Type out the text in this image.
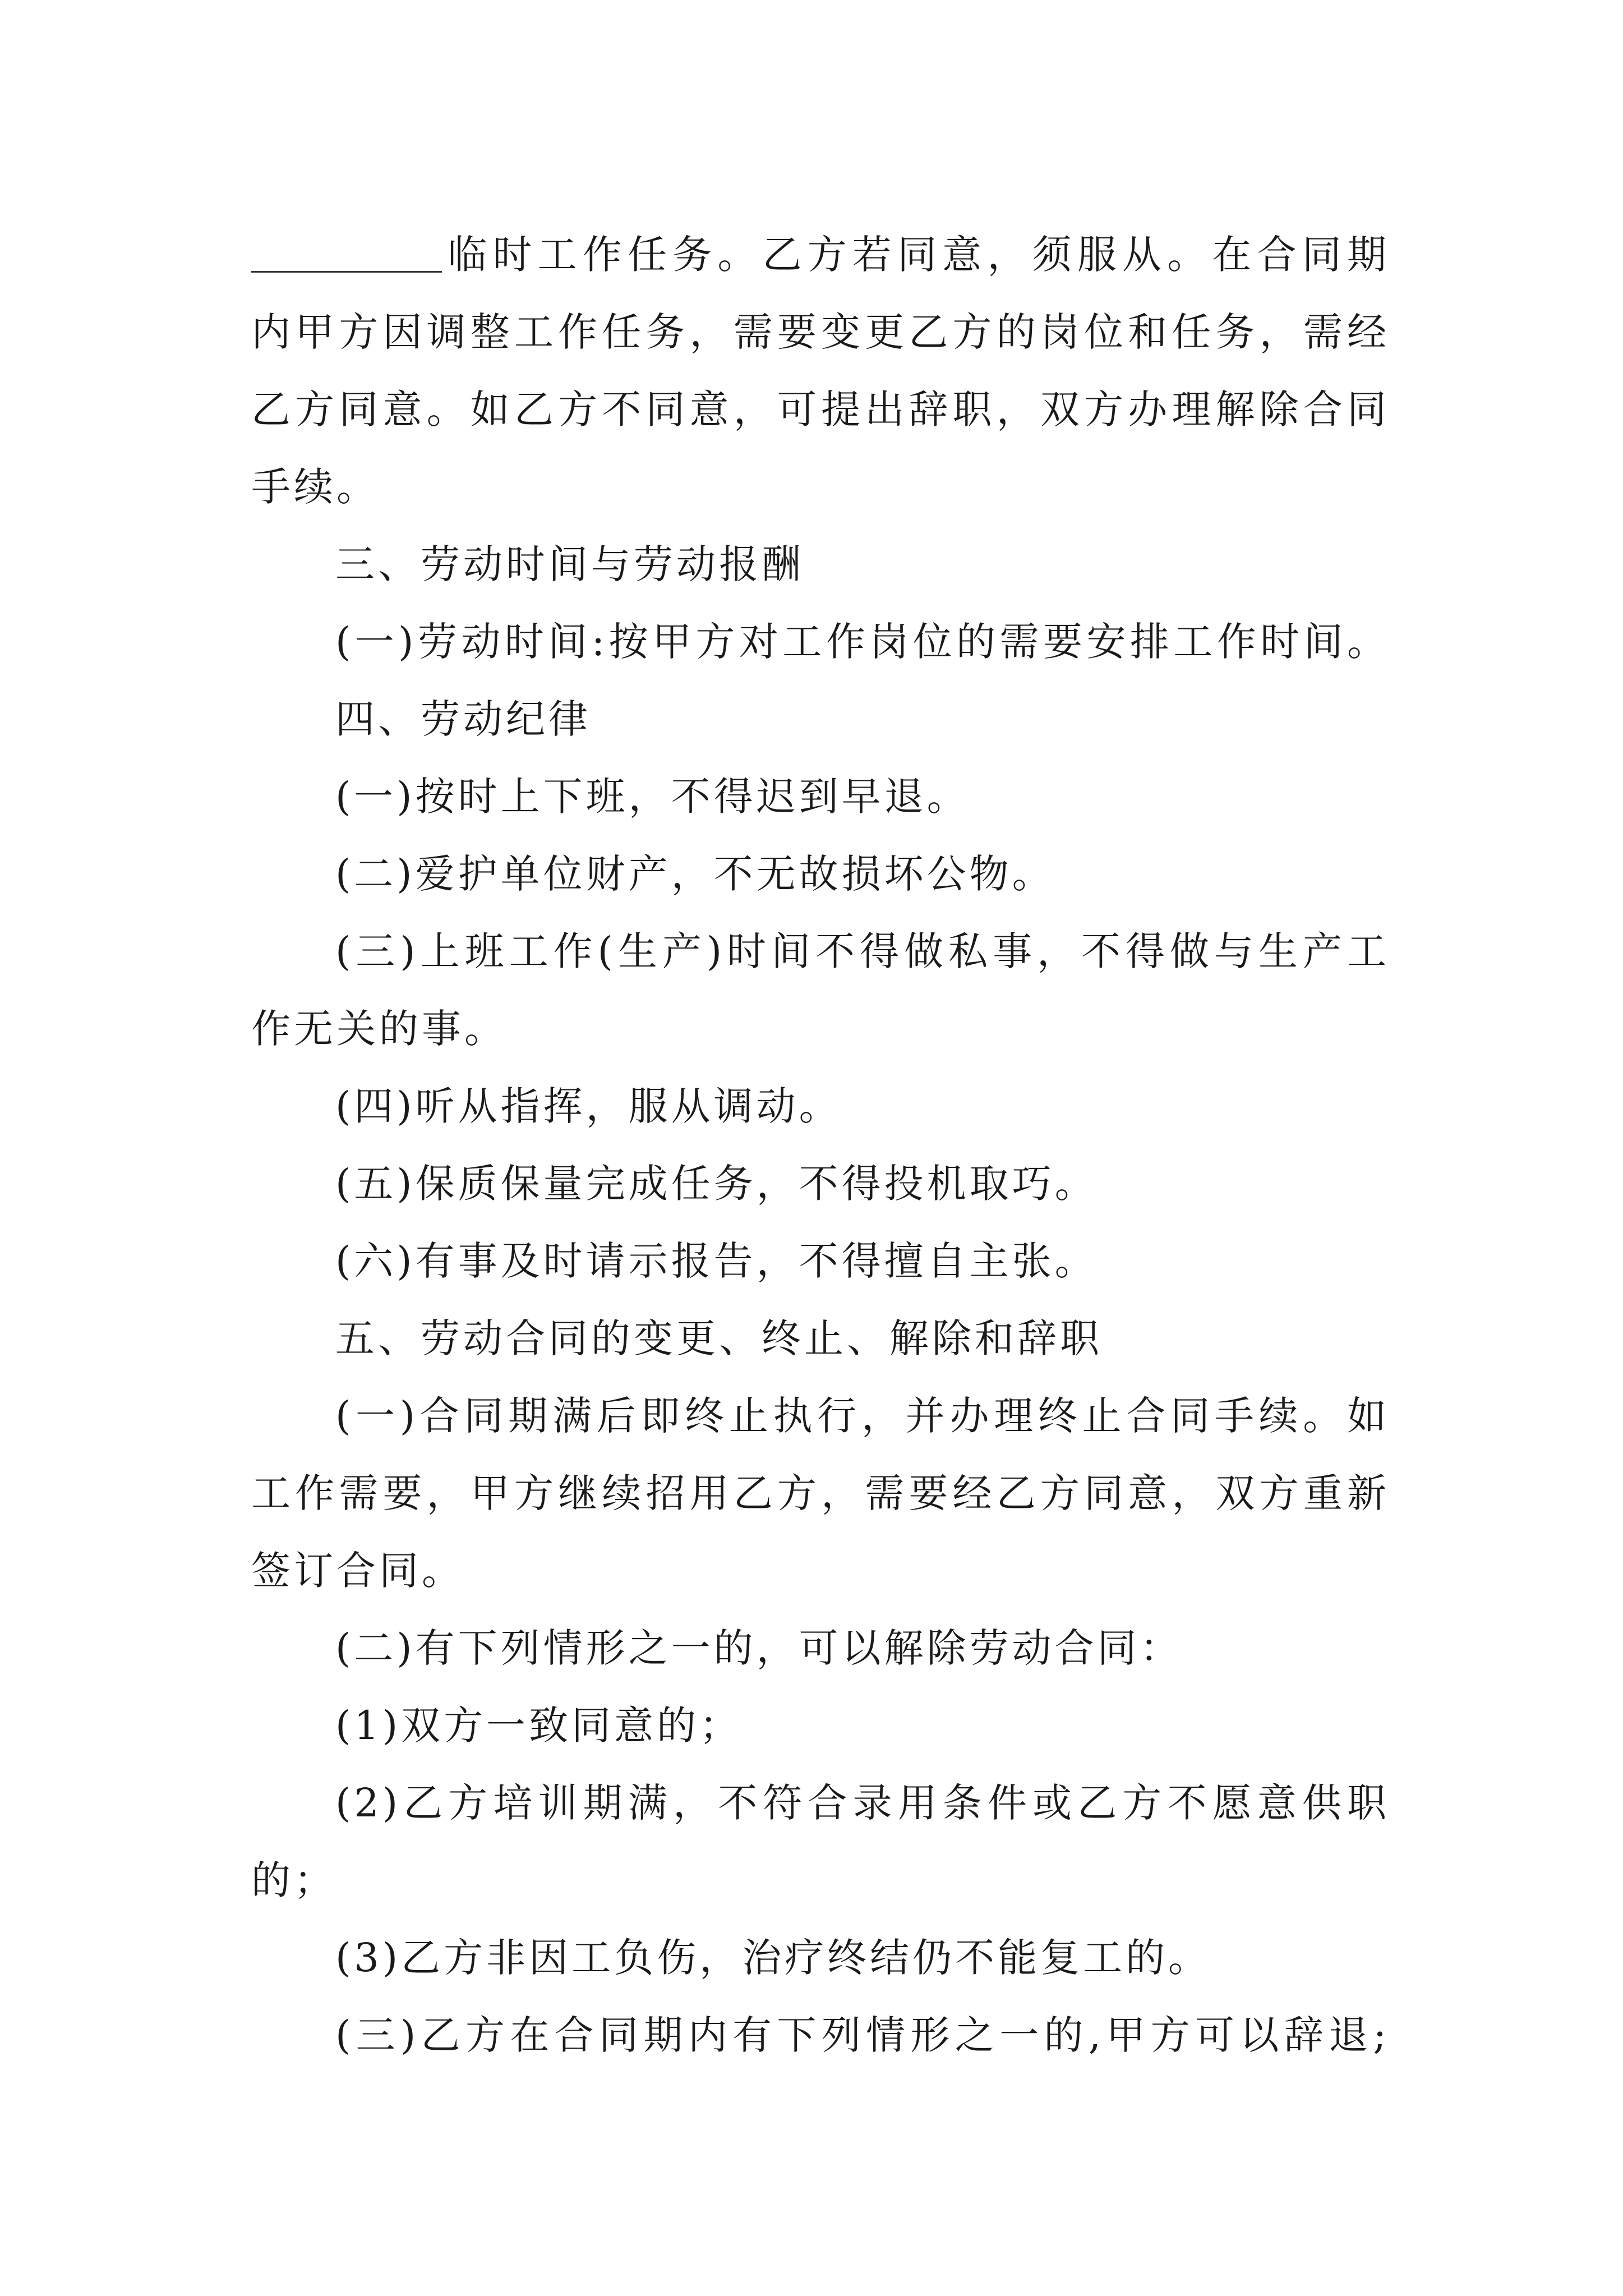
临时工作任务。乙方若同意，须服从。在合同期
内甲方因调整工作任务，需要变更乙方的岗位和任务，需经
乙方同意。如乙方不同意，可提出辞职，双方办理解除合同
手续。
三、劳动时间与劳动报酬
(一)劳动时间:按甲方对工作岗位的需要安排工作时间。
四、劳动纪律
(一)按时上下班，不得迟到早退。
(二)爱护单位财产，不无故损坏公物。
(三)上班工作(生产)时间不得做私事，不得做与生产工
作无关的事。
(四)听从指挥，服从调动。
(五)保质保量完成任务，不得投机取巧。
(六)有事及时请示报告，不得擅自主张。
五、劳动合同的变更、终止、解除和辞职
(一)合同期满后即终止执行，并办理终止合同手续。如
工作需要，甲方继续招用乙方，需要经乙方同意，双方重新
签订合同。
(二)有下列情形之一的，可以解除劳动合同：
(1)双方一致同意的；
(2)乙方培训期满，不符合录用条件或乙方不愿意供职
的；
(3)乙方非因工负伤，治疗终结仍不能复工的。
(三)乙方在合同期内有下列情形之一的,甲方可以辞退;
